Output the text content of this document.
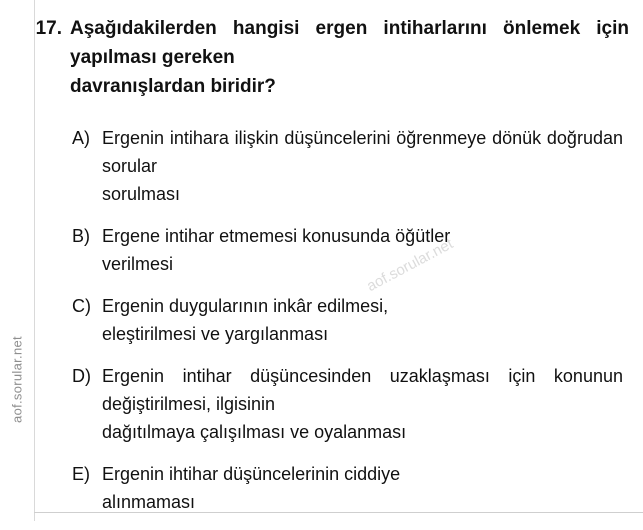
aof.sorular.net
17. Aşağıdakilerden hangisi ergen intiharlarını önlemek için yapılması gereken
davranışlardan biridir?
A) Ergenin intihara ilişkin düşüncelerini öğrenmeye dönük doğrudan sorular
sorulması
B) Ergene intihar etmemesi konusunda öğütler
verilmesi
C) Ergenin duygularının inkâr edilmesi,
eleştirilmesi ve yargılanması
D) Ergenin intihar düşüncesinden uzaklaşması için konunun değiştirilmesi, ilgisinin
dağıtılmaya çalışılması ve oyalanması
E) Ergenin ihtihar düşüncelerinin ciddiye
alınmaması
aof.sorular.net
